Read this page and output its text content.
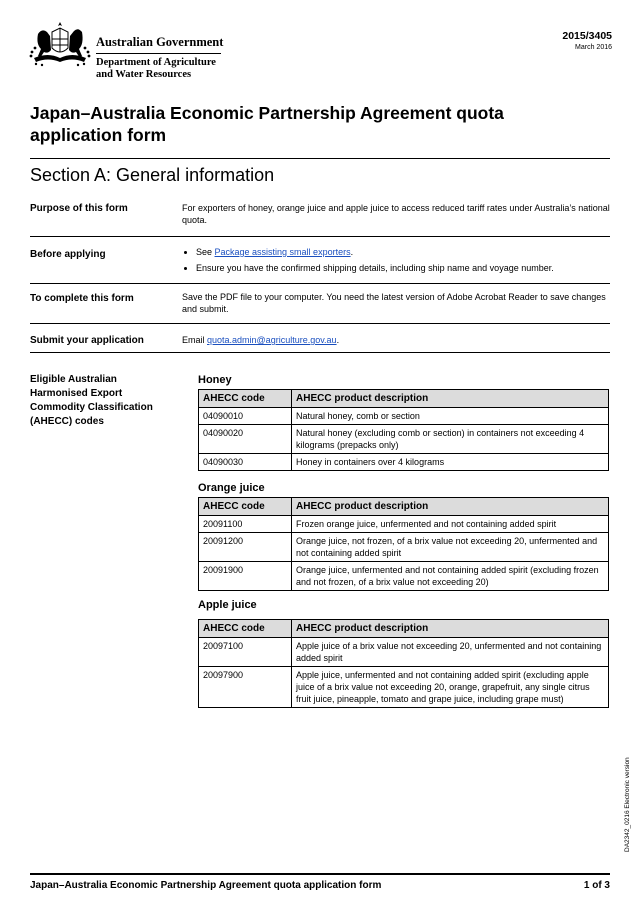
Australian Government
Department of Agriculture
and Water Resources
2015/3405
March 2016
Japan–Australia Economic Partnership Agreement quota application form
Section A: General information
Purpose of this form	For exporters of honey, orange juice and apple juice to access reduced tariff rates under Australia’s national quota.
Before applying	• See Package assisting small exporters.
• Ensure you have the confirmed shipping details, including ship name and voyage number.
To complete this form	Save the PDF file to your computer. You need the latest version of Adobe Acrobat Reader to save changes and submit.
Submit your application	Email quota.admin@agriculture.gov.au.
Eligible Australian Harmonised Export Commodity Classification (AHECC) codes
Honey
AHECC code	AHECC product description
04090010	Natural honey, comb or section
04090020	Natural honey (excluding comb or section) in containers not exceeding 4 kilograms (prepacks only)
04090030	Honey in containers over 4 kilograms
Orange juice
AHECC code	AHECC product description
20091100	Frozen orange juice, unfermented and not containing added spirit
20091200	Orange juice, not frozen, of a brix value not exceeding 20, unfermented and not containing added spirit
20091900	Orange juice, unfermented and not containing added spirit (excluding frozen and not frozen, of a brix value not exceeding 20)
Apple juice
AHECC code	AHECC product description
20097100	Apple juice of a brix value not exceeding 20, unfermented and not containing added spirit
20097900	Apple juice, unfermented and not containing added spirit (excluding apple juice of a brix value not exceeding 20, orange, grapefruit, any single citrus fruit juice, pineapple, tomato and grape juice, including grape must)
DA2342_0216 Electronic version
Japan–Australia Economic Partnership Agreement quota application form	1 of 3
